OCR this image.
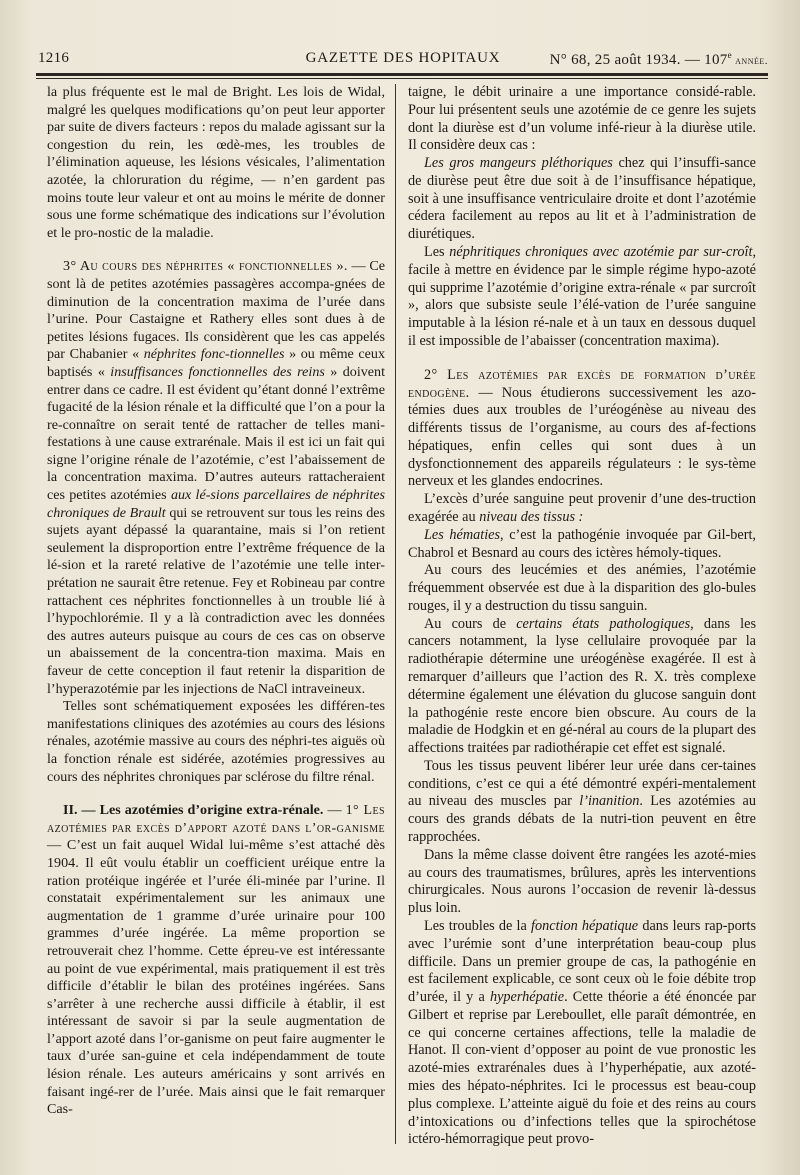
1216	GAZETTE DES HOPITAUX	N° 68, 25 août 1934. — 107e année.

la plus fréquente est le mal de Bright. Les lois de Widal, malgré les quelques modifications qu’on peut leur apporter par suite de divers facteurs : repos du malade agissant sur la congestion du rein, les œdè-mes, les troubles de l’élimination aqueuse, les lésions vésicales, l’alimentation azotée, la chloruration du régime, — n’en gardent pas moins toute leur valeur et ont au moins le mérite de donner sous une forme schématique des indications sur l’évolution et le pro-nostic de la maladie.

3° Au cours des néphrites « fonctionnelles ». — Ce sont là de petites azotémies passagères accompa-gnées de diminution de la concentration maxima de l’urée dans l’urine. Pour Castaigne et Rathery elles sont dues à de petites lésions fugaces. Ils considèrent que les cas appelés par Chabanier « néphrites fonc-tionnelles » ou même ceux baptisés « insuffisances fonctionnelles des reins » doivent entrer dans ce cadre. Il est évident qu’étant donné l’extrême fugacité de la lésion rénale et la difficulté que l’on a pour la re-connaître on serait tenté de rattacher de telles mani-festations à une cause extrarénale. Mais il est ici un fait qui signe l’origine rénale de l’azotémie, c’est l’abaissement de la concentration maxima. D’autres auteurs rattacheraient ces petites azotémies aux lé-sions parcellaires de néphrites chroniques de Brault qui se retrouvent sur tous les reins des sujets ayant dépassé la quarantaine, mais si l’on retient seulement la disproportion entre l’extrême fréquence de la lé-sion et la rareté relative de l’azotémie une telle inter-prétation ne saurait être retenue. Fey et Robineau par contre rattachent ces néphrites fonctionnelles à un trouble lié à l’hypochlorémie. Il y a là contradiction avec les données des autres auteurs puisque au cours de ces cas on observe un abaissement de la concentra-tion maxima. Mais en faveur de cette conception il faut retenir la disparition de l’hyperazotémie par les injections de NaCl intraveineux.

Telles sont schématiquement exposées les différen-tes manifestations cliniques des azotémies au cours des lésions rénales, azotémie massive au cours des néphri-tes aiguës où la fonction rénale est sidérée, azotémies progressives au cours des néphrites chroniques par sclérose du filtre rénal.

II. — Les azotémies d’origine extra-rénale. — 1° Les azotémies par excès d’apport azoté dans l’or-ganisme — C’est un fait auquel Widal lui-même s’est attaché dès 1904. Il eût voulu établir un coefficient uréique entre la ration protéique ingérée et l’urée éli-minée par l’urine. Il constatait expérimentalement sur les animaux une augmentation de 1 gramme d’urée urinaire pour 100 grammes d’urée ingérée. La même proportion se retrouverait chez l’homme. Cette épreu-ve est intéressante au point de vue expérimental, mais pratiquement il est très difficile d’établir le bilan des protéines ingérées. Sans s’arrêter à une recherche aussi difficile à établir, il est intéressant de savoir si par la seule augmentation de l’apport azoté dans l’or-ganisme on peut faire augmenter le taux d’urée san-guine et cela indépendamment de toute lésion rénale. Les auteurs américains y sont arrivés en faisant ingé-rer de l’urée. Mais ainsi que le fait remarquer Cas-

taigne, le débit urinaire a une importance considé-rable. Pour lui présentent seuls une azotémie de ce genre les sujets dont la diurèse est d’un volume infé-rieur à la diurèse utile. Il considère deux cas :

Les gros mangeurs pléthoriques chez qui l’insuffi-sance de diurèse peut être due soit à de l’insuffisance hépatique, soit à une insuffisance ventriculaire droite et dont l’azotémie cédera facilement au repos au lit et à l’administration de diurétiques.

Les néphritiques chroniques avec azotémie par sur-croît, facile à mettre en évidence par le simple régime hypo-azoté qui supprime l’azotémie d’origine extra-rénale « par surcroît », alors que subsiste seule l’élé-vation de l’urée sanguine imputable à la lésion ré-nale et à un taux en dessous duquel il est impossible de l’abaisser (concentration maxima).

2° Les azotémies par excès de formation d’urée endogène. — Nous étudierons successivement les azo-témies dues aux troubles de l’uréogénèse au niveau des différents tissus de l’organisme, au cours des af-fections hépatiques, enfin celles qui sont dues à un dysfonctionnement des appareils régulateurs : le sys-tème nerveux et les glandes endocrines.

L’excès d’urée sanguine peut provenir d’une des-truction exagérée au niveau des tissus :

Les hématies, c’est la pathogénie invoquée par Gil-bert, Chabrol et Besnard au cours des ictères hémoly-tiques.

Au cours des leucémies et des anémies, l’azotémie fréquemment observée est due à la disparition des glo-bules rouges, il y a destruction du tissu sanguin.

Au cours de certains états pathologiques, dans les cancers notamment, la lyse cellulaire provoquée par la radiothérapie détermine une uréogénèse exagérée. Il est à remarquer d’ailleurs que l’action des R. X. très complexe détermine également une élévation du glucose sanguin dont la pathogénie reste encore bien obscure. Au cours de la maladie de Hodgkin et en gé-néral au cours de la plupart des affections traitées par radiothérapie cet effet est signalé.

Tous les tissus peuvent libérer leur urée dans cer-taines conditions, c’est ce qui a été démontré expéri-mentalement au niveau des muscles par l’inanition. Les azotémies au cours des grands débats de la nutri-tion peuvent en être rapprochées.

Dans la même classe doivent être rangées les azoté-mies au cours des traumatismes, brûlures, après les interventions chirurgicales. Nous aurons l’occasion de revenir là-dessus plus loin.

Les troubles de la fonction hépatique dans leurs rap-ports avec l’urémie sont d’une interprétation beau-coup plus difficile. Dans un premier groupe de cas, la pathogénie en est facilement explicable, ce sont ceux où le foie débite trop d’urée, il y a hyperhépatie. Cette théorie a été énoncée par Gilbert et reprise par Lereboullet, elle paraît démontrée, en ce qui concerne certaines affections, telle la maladie de Hanot. Il con-vient d’opposer au point de vue pronostic les azoté-mies extrarénales dues à l’hyperhépatie, aux azoté-mies des hépato-néphrites. Ici le processus est beau-coup plus complexe. L’atteinte aiguë du foie et des reins au cours d’intoxications ou d’infections telles que la spirochétose ictéro-hémorragique peut provo-
